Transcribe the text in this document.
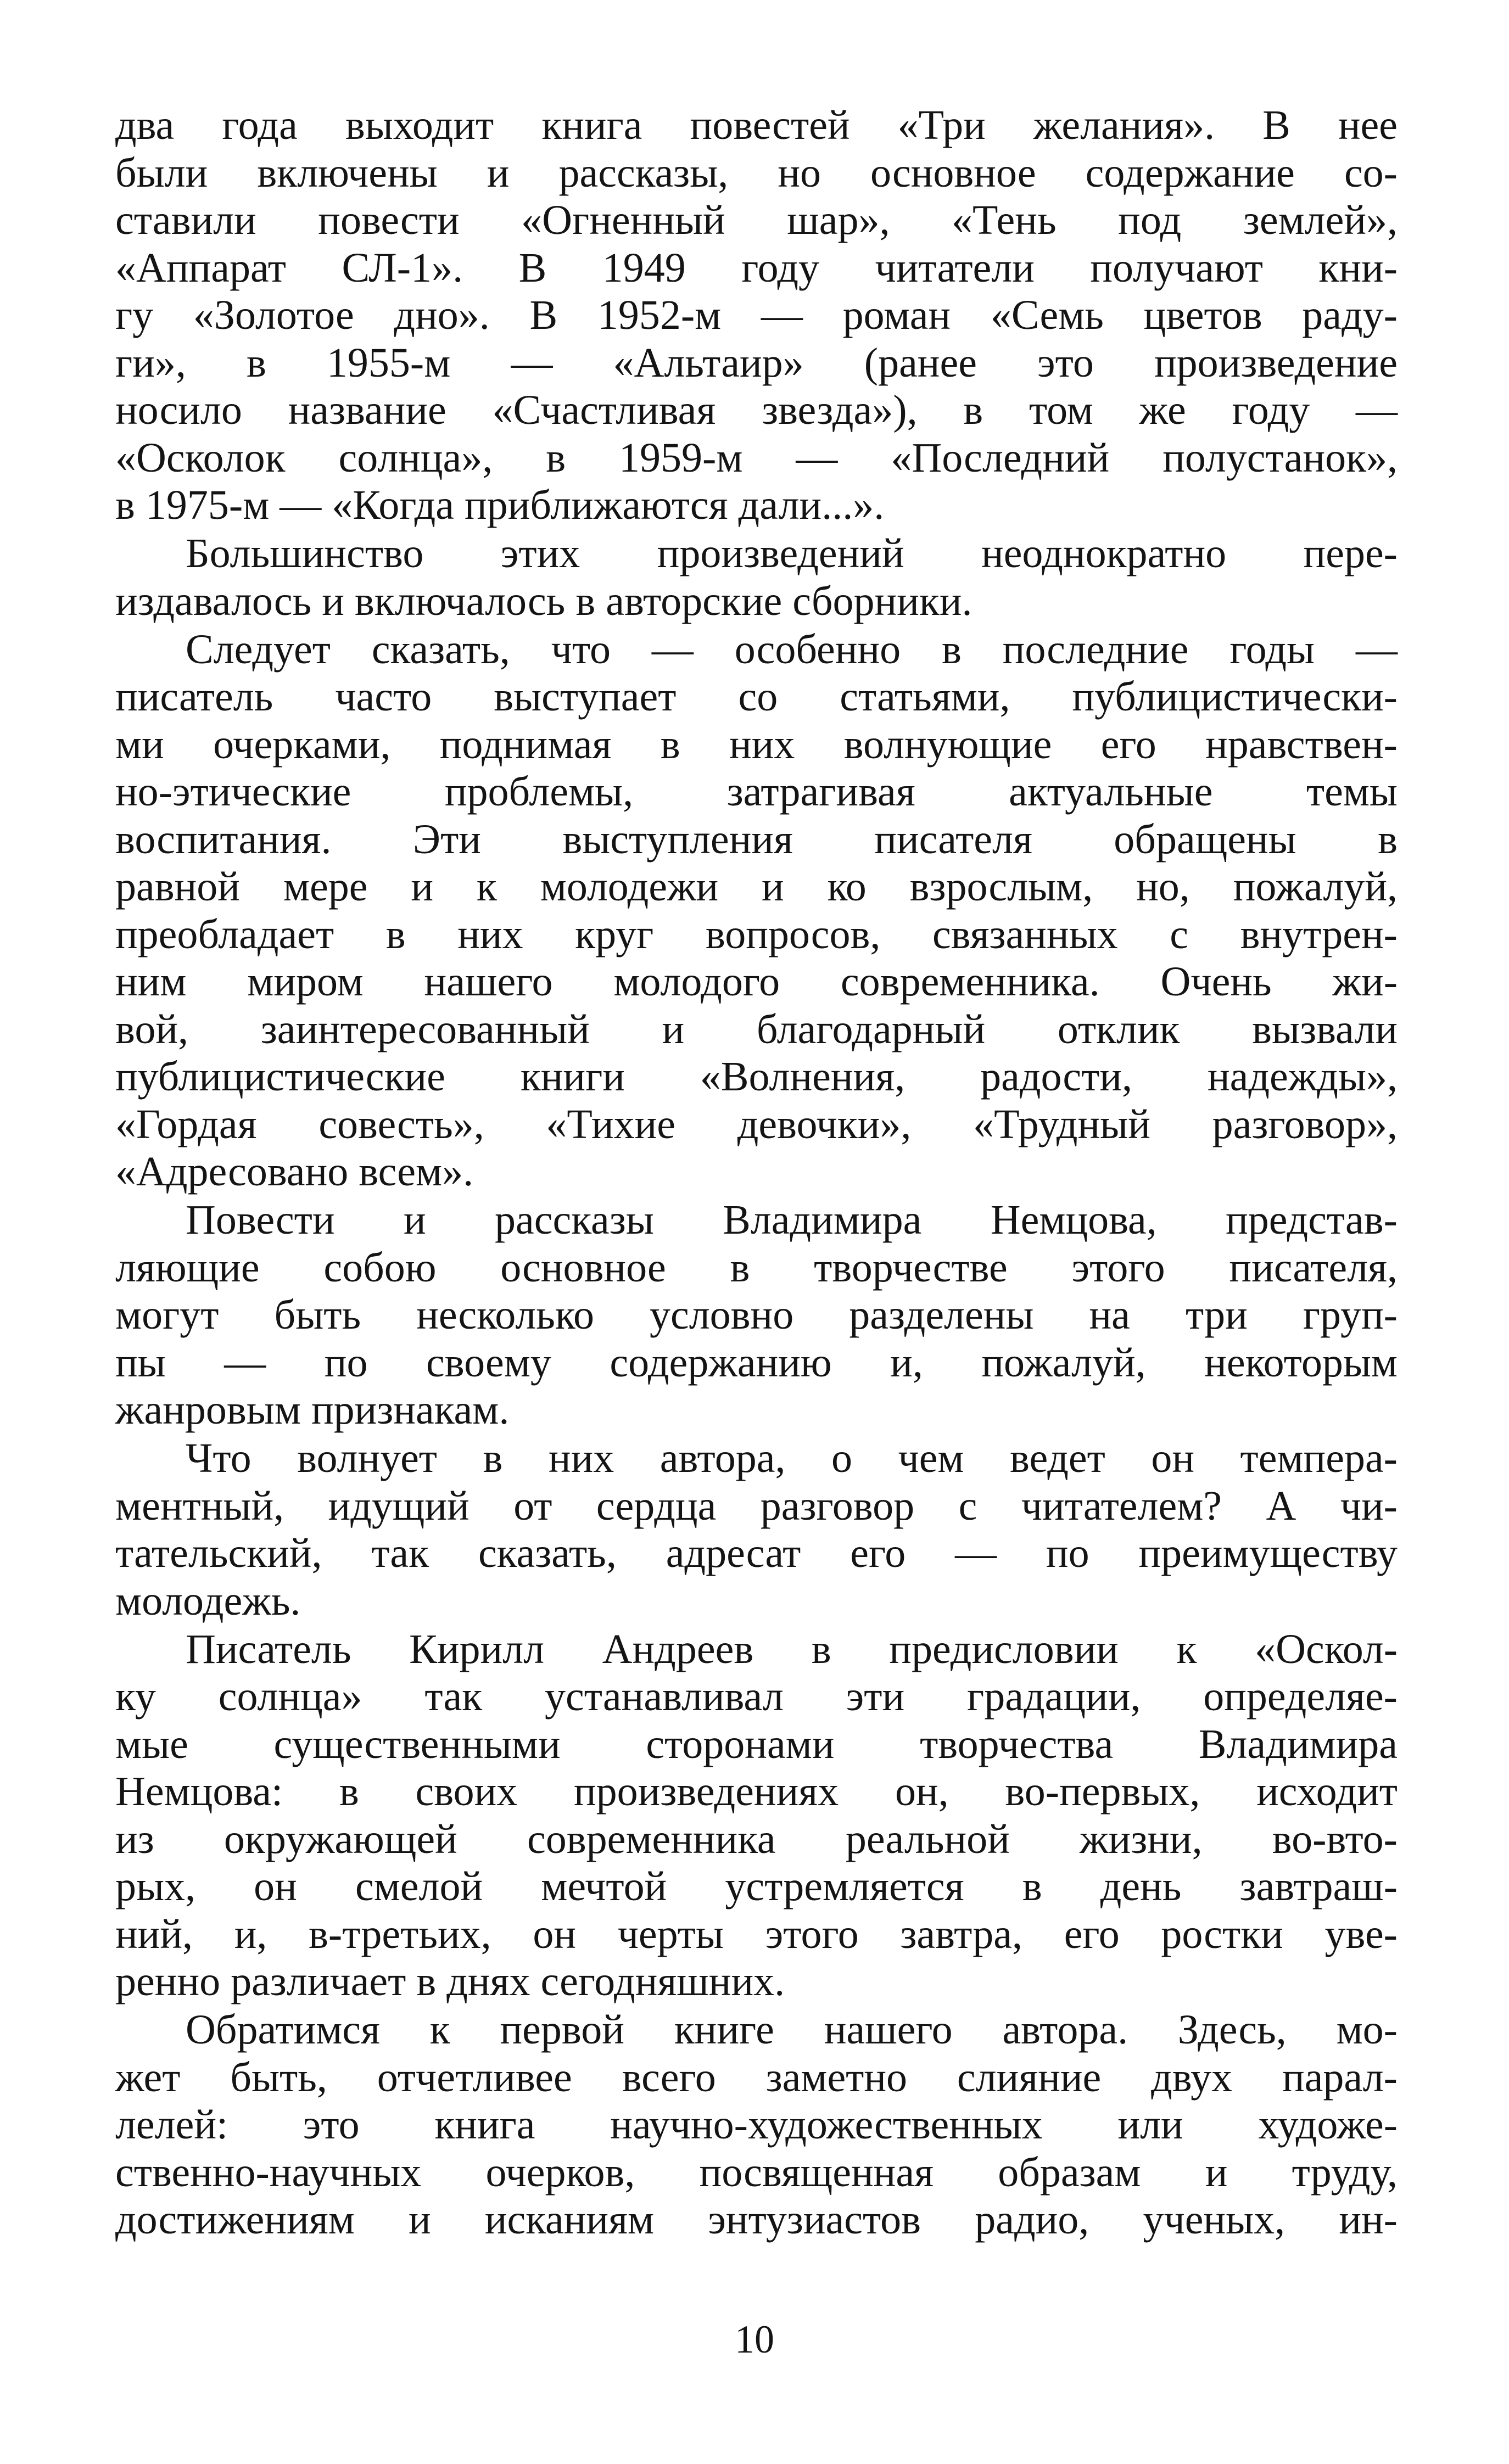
два года выходит книга повестей «Три желания». В нее
были включены и рассказы, но основное содержание со-
ставили повести «Огненный шар», «Тень под землей»,
«Аппарат СЛ-1». В 1949 году читатели получают кни-
гу «Золотое дно». В 1952-м — роман «Семь цветов раду-
ги», в 1955-м — «Альтаир» (ранее это произведение
носило название «Счастливая звезда»), в том же году —
«Осколок солнца», в 1959-м — «Последний полустанок»,
в 1975-м — «Когда приближаются дали...».

Большинство этих произведений неоднократно пере-
издавалось и включалось в авторские сборники.

Следует сказать, что — особенно в последние годы —
писатель часто выступает со статьями, публицистически-
ми очерками, поднимая в них волнующие его нравствен-
но-этические проблемы, затрагивая актуальные темы
воспитания. Эти выступления писателя обращены в
равной мере и к молодежи и ко взрослым, но, пожалуй,
преобладает в них круг вопросов, связанных с внутрен-
ним миром нашего молодого современника. Очень жи-
вой, заинтересованный и благодарный отклик вызвали
публицистические книги «Волнения, радости, надежды»,
«Гордая совесть», «Тихие девочки», «Трудный разговор»,
«Адресовано всем».

Повести и рассказы Владимира Немцова, представ-
ляющие собою основное в творчестве этого писателя,
могут быть несколько условно разделены на три груп-
пы — по своему содержанию и, пожалуй, некоторым
жанровым признакам.

Что волнует в них автора, о чем ведет он темпера-
ментный, идущий от сердца разговор с читателем? А чи-
тательский, так сказать, адресат его — по преимуществу
молодежь.

Писатель Кирилл Андреев в предисловии к «Оскол-
ку солнца» так устанавливал эти градации, определяе-
мые существенными сторонами творчества Владимира
Немцова: в своих произведениях он, во-первых, исходит
из окружающей современника реальной жизни, во-вто-
рых, он смелой мечтой устремляется в день завтраш-
ний, и, в-третьих, он черты этого завтра, его ростки уве-
ренно различает в днях сегодняшних.

Обратимся к первой книге нашего автора. Здесь, мо-
жет быть, отчетливее всего заметно слияние двух парал-
лелей: это книга научно-художественных или художе-
ственно-научных очерков, посвященная образам и труду,
достижениям и исканиям энтузиастов радио, ученых, ин-

10
